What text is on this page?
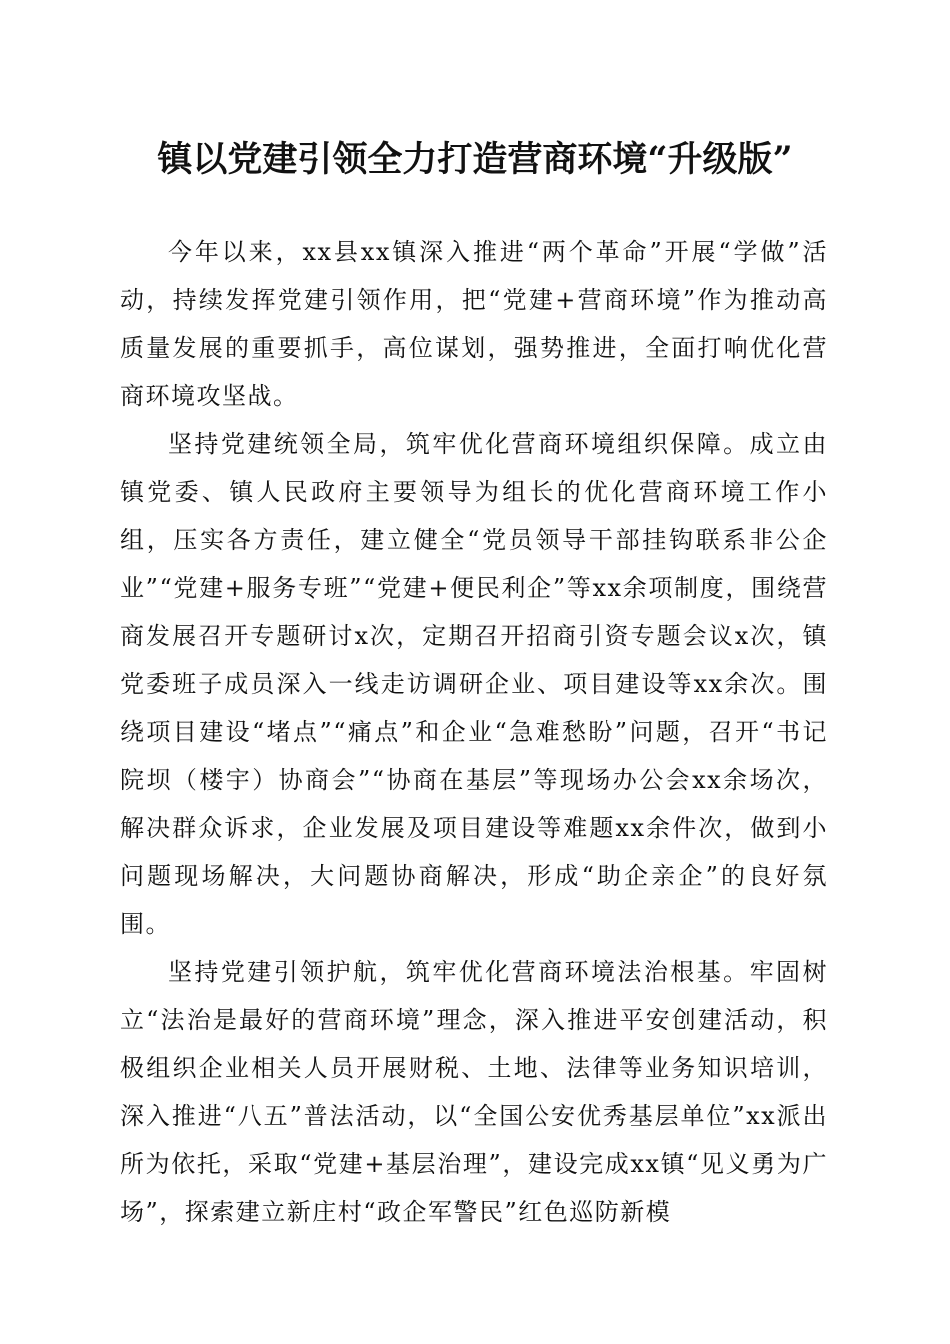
镇以党建引领全力打造营商环境“升级版”

今年以来，xx县xx镇深入推进“两个革命”开展“学做”活动，持续发挥党建引领作用，把“党建+营商环境”作为推动高质量发展的重要抓手，高位谋划，强势推进，全面打响优化营商环境攻坚战。

坚持党建统领全局，筑牢优化营商环境组织保障。成立由镇党委、镇人民政府主要领导为组长的优化营商环境工作小组，压实各方责任，建立健全“党员领导干部挂钩联系非公企业”“党建+服务专班”“党建+便民利企”等xx余项制度，围绕营商发展召开专题研讨x次，定期召开招商引资专题会议x次，镇党委班子成员深入一线走访调研企业、项目建设等xx余次。围绕项目建设“堵点”“痛点”和企业“急难愁盼”问题，召开“书记院坝（楼宇）协商会”“协商在基层”等现场办公会xx余场次，解决群众诉求，企业发展及项目建设等难题xx余件次，做到小问题现场解决，大问题协商解决，形成“助企亲企”的良好氛围。

坚持党建引领护航，筑牢优化营商环境法治根基。牢固树立“法治是最好的营商环境”理念，深入推进平安创建活动，积极组织企业相关人员开展财税、土地、法律等业务知识培训，深入推进“八五”普法活动，以“全国公安优秀基层单位”xx派出所为依托，采取“党建+基层治理”，建设完成xx镇“见义勇为广场”，探索建立新庄村“政企军警民”红色巡防新模
